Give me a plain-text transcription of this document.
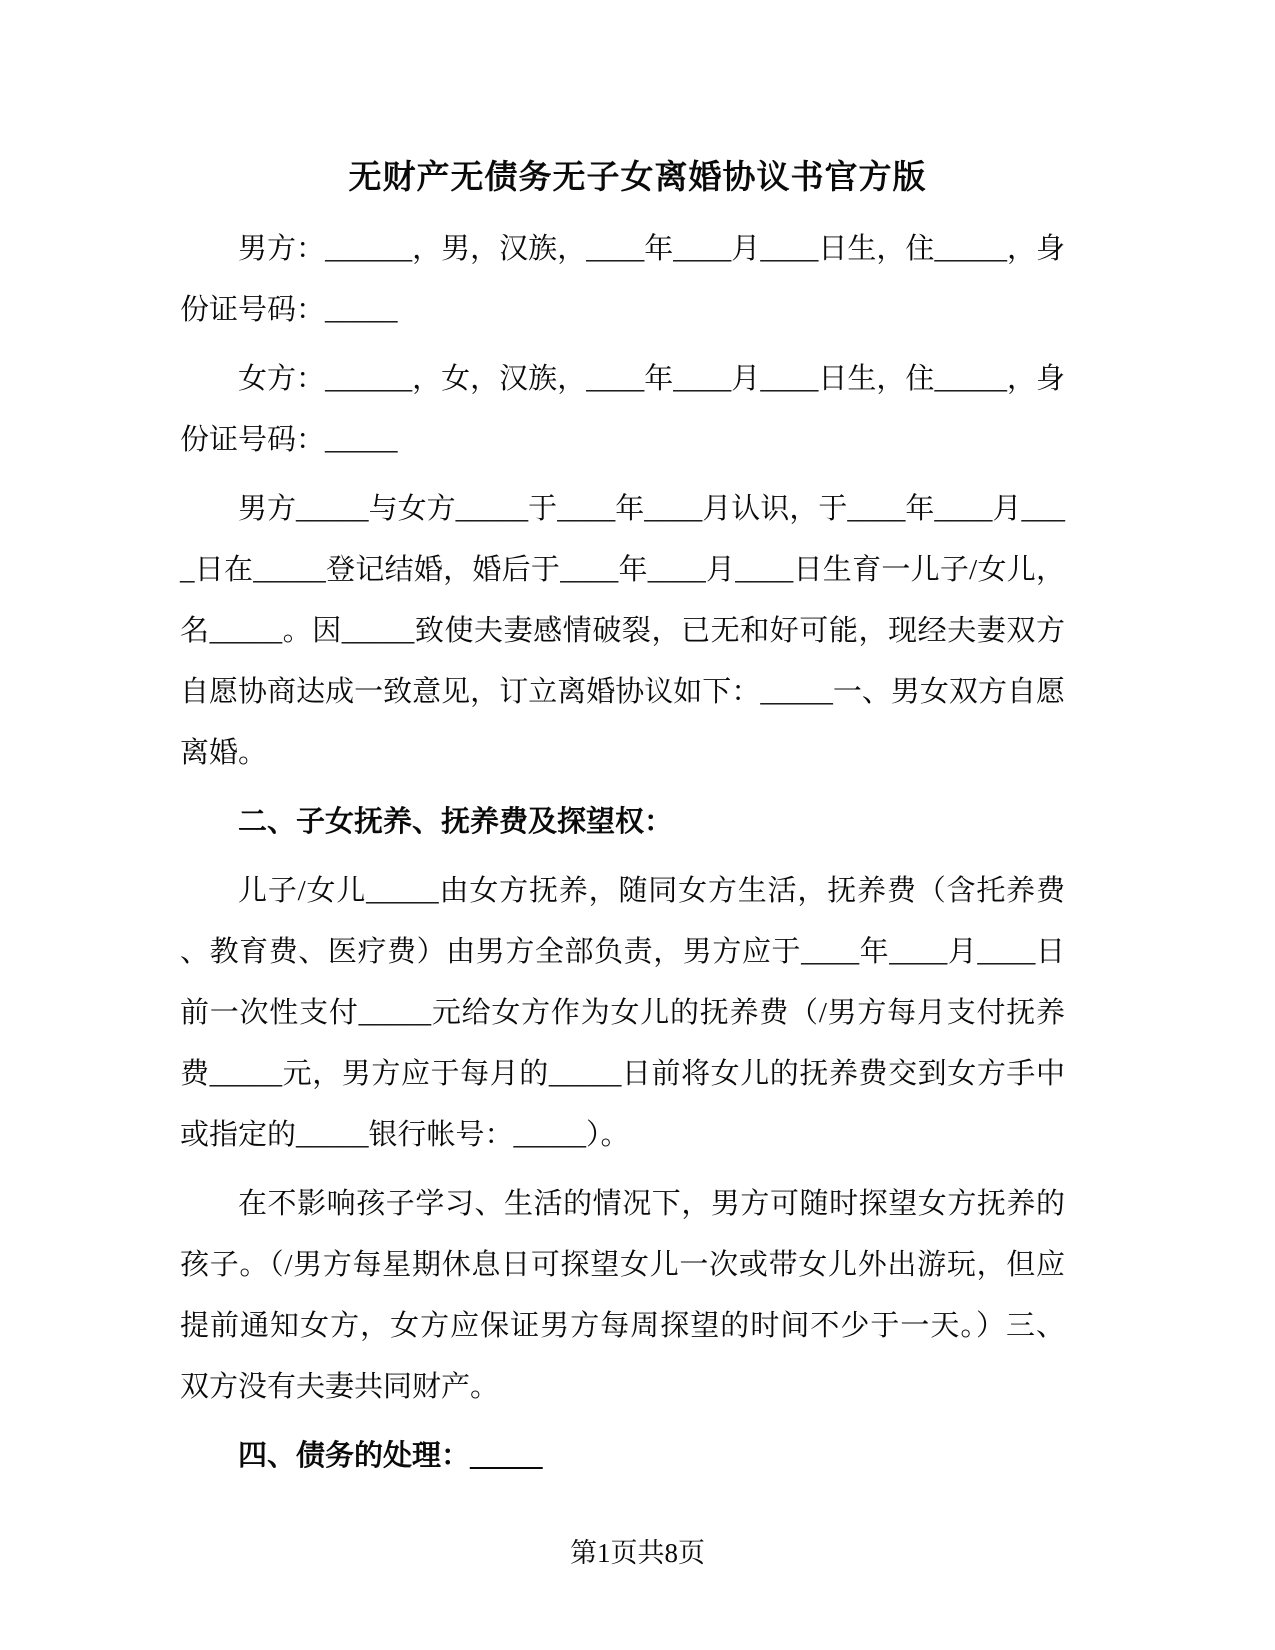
无财产无债务无子女离婚协议书官方版

男方：______，男，汉族，____年____月____日生，住_____，身
份证号码：_____

女方：______，女，汉族，____年____月____日生，住_____，身
份证号码：_____

男方_____与女方_____于____年____月认识，于____年____月___
_日在_____登记结婚，婚后于____年____月____日生育一儿子/女儿，
名_____。因_____致使夫妻感情破裂，已无和好可能，现经夫妻双方
自愿协商达成一致意见，订立离婚协议如下：_____一、男女双方自愿
离婚。

二、子女抚养、抚养费及探望权：

儿子/女儿_____由女方抚养，随同女方生活，抚养费（含托养费
、教育费、医疗费）由男方全部负责，男方应于____年____月____日
前一次性支付_____元给女方作为女儿的抚养费（/男方每月支付抚养
费_____元，男方应于每月的_____日前将女儿的抚养费交到女方手中
或指定的_____银行帐号：_____）。

在不影响孩子学习、生活的情况下，男方可随时探望女方抚养的
孩子。（/男方每星期休息日可探望女儿一次或带女儿外出游玩，但应
提前通知女方，女方应保证男方每周探望的时间不少于一天。）三、
双方没有夫妻共同财产。

四、债务的处理：_____

第1页共8页
